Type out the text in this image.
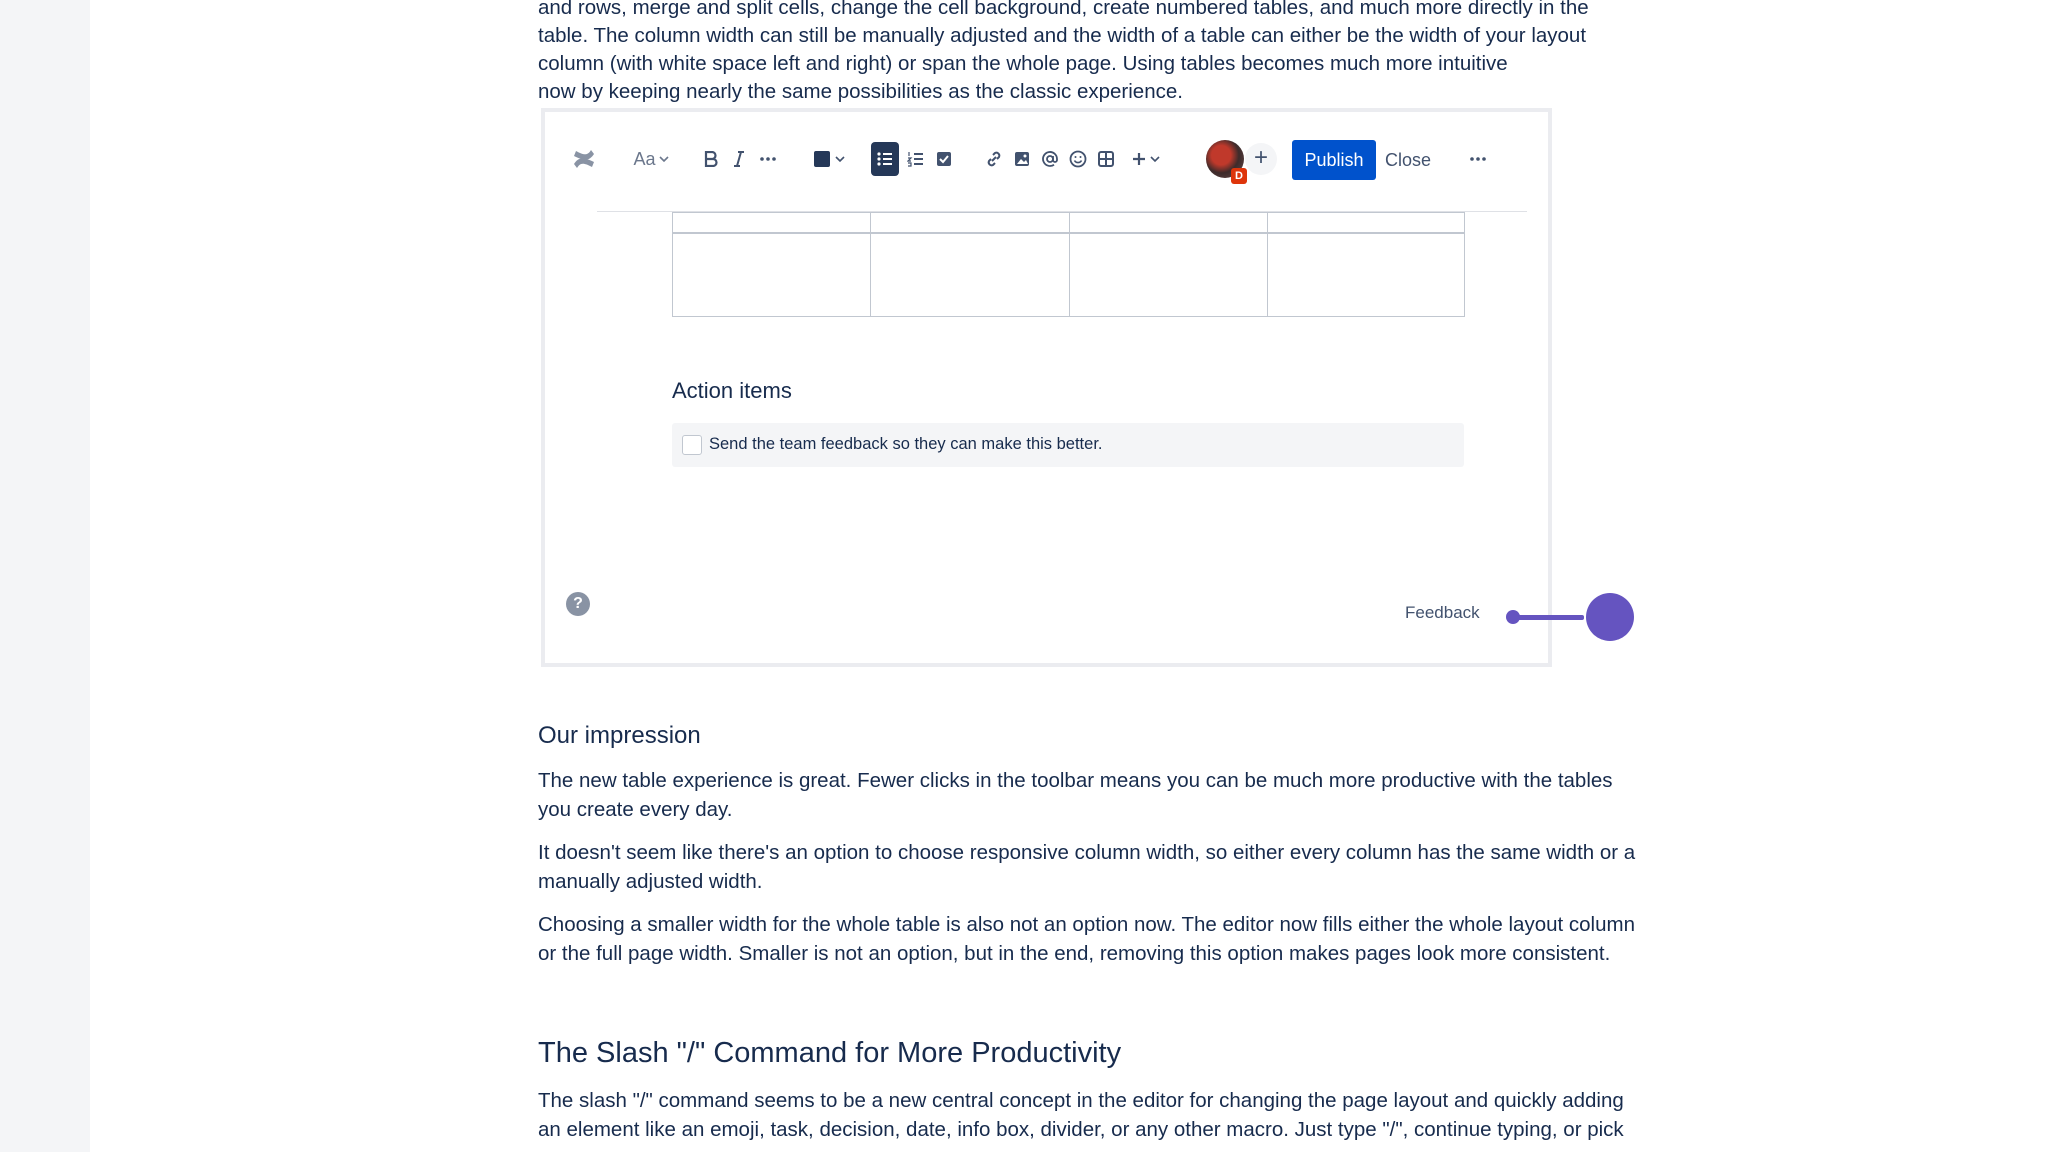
and rows, merge and split cells, change the cell background, create numbered tables, and much more directly in the

table. The column width can still be manually adjusted and the width of a table can either be the width of your layout

column (with white space left and right) or span the whole page. Using tables becomes much more intuitive

now by keeping nearly the same possibilities as the classic experience.

Aa
D
+	Publish	Close
Action items
Send the team feedback so they can make this better.
?	Feedback
Our impression

The new table experience is great. Fewer clicks in the toolbar means you can be much more productive with the tables you create every day.

It doesn't seem like there's an option to choose responsive column width, so either every column has the same width or a manually adjusted width.

Choosing a smaller width for the whole table is also not an option now. The editor now fills either the whole layout column or the full page width. Smaller is not an option, but in the end, removing this option makes pages look more consistent.

The Slash "/" Command for More Productivity

The slash "/" command seems to be a new central concept in the editor for changing the page layout and quickly adding an element like an emoji, task, decision, date, info box, divider, or any other macro. Just type "/", continue typing, or pick
